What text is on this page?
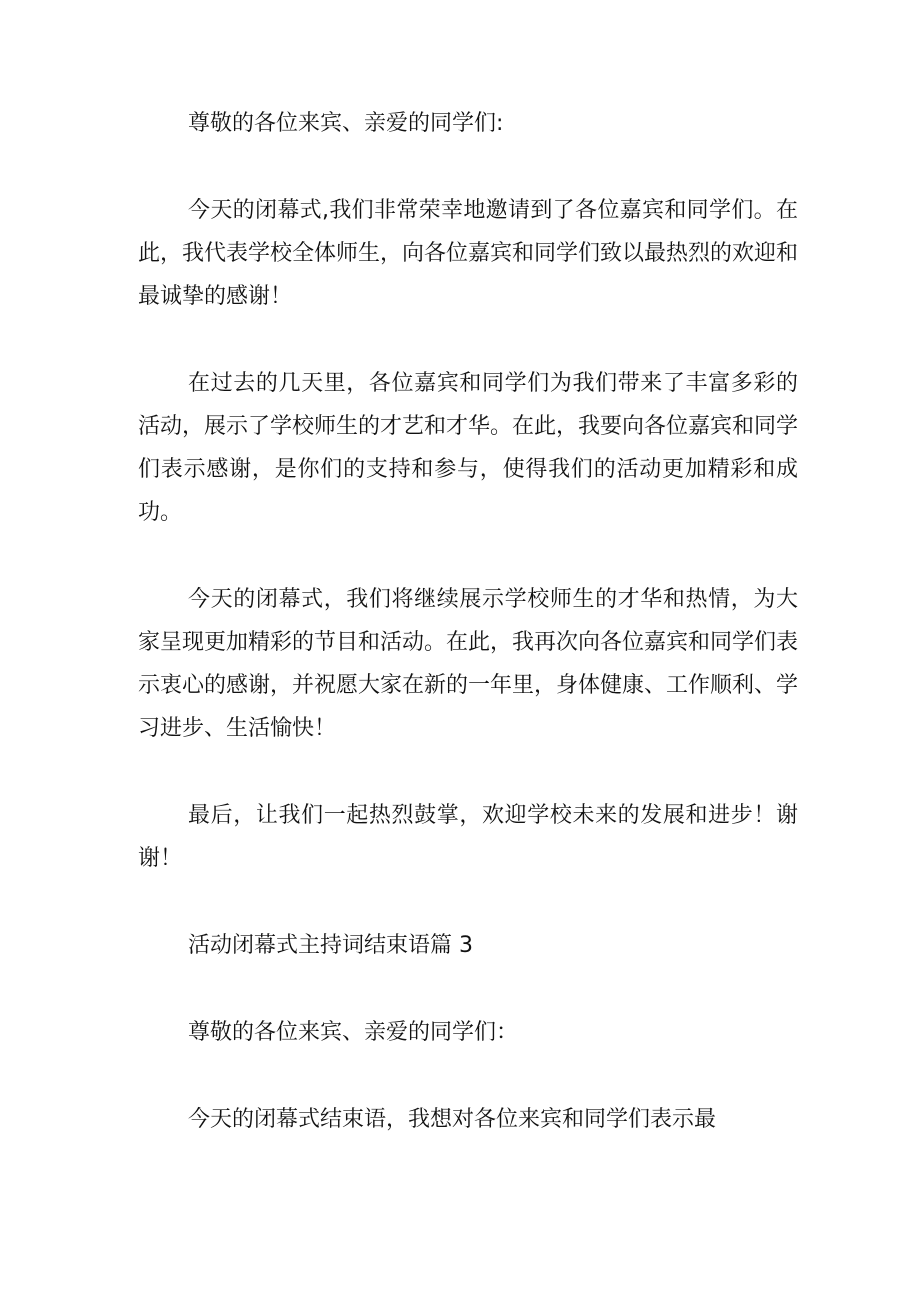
尊敬的各位来宾、亲爱的同学们:

今天的闭幕式,我们非常荣幸地邀请到了各位嘉宾和同学们。在此，我代表学校全体师生，向各位嘉宾和同学们致以最热烈的欢迎和最诚挚的感谢！

在过去的几天里，各位嘉宾和同学们为我们带来了丰富多彩的活动，展示了学校师生的才艺和才华。在此，我要向各位嘉宾和同学们表示感谢，是你们的支持和参与，使得我们的活动更加精彩和成功。

今天的闭幕式，我们将继续展示学校师生的才华和热情，为大家呈现更加精彩的节目和活动。在此，我再次向各位嘉宾和同学们表示衷心的感谢，并祝愿大家在新的一年里，身体健康、工作顺利、学习进步、生活愉快！

最后，让我们一起热烈鼓掌，欢迎学校未来的发展和进步！谢谢！

活动闭幕式主持词结束语篇 3

尊敬的各位来宾、亲爱的同学们：

今天的闭幕式结束语，我想对各位来宾和同学们表示最
